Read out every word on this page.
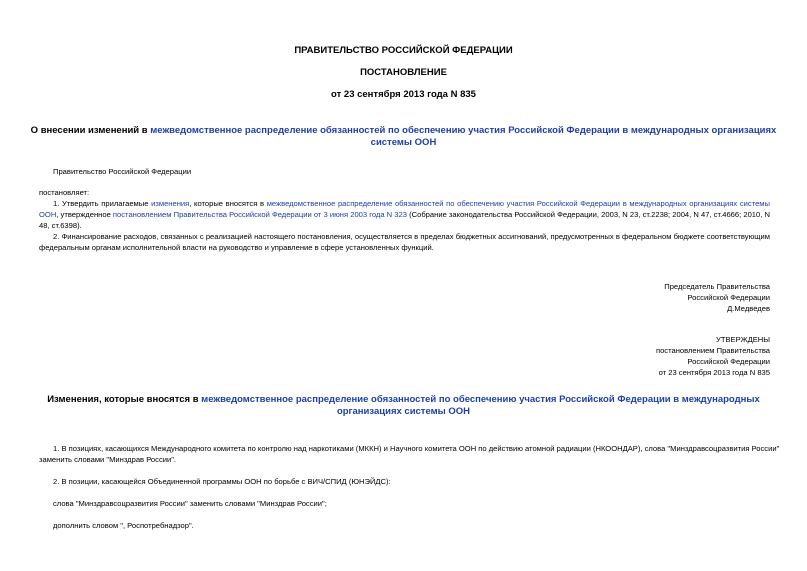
ПРАВИТЕЛЬСТВО РОССИЙСКОЙ ФЕДЕРАЦИИ
ПОСТАНОВЛЕНИЕ
от 23 сентября 2013 года N 835
О внесении изменений в межведомственное распределение обязанностей по обеспечению участия Российской Федерации в международных организациях системы ООН
Правительство Российской Федерации
постановляет:
1. Утвердить прилагаемые изменения, которые вносятся в межведомственное распределение обязанностей по обеспечению участия Российской Федерации в международных организациях системы ООН, утвержденное постановлением Правительства Российской Федерации от 3 июня 2003 года N 323 (Собрание законодательства Российской Федерации, 2003, N 23, ст.2238; 2004, N 47, ст.4666; 2010, N 48, ст.6398).
2. Финансирование расходов, связанных с реализацией настоящего постановления, осуществляется в пределах бюджетных ассигнований, предусмотренных в федеральном бюджете соответствующим федеральным органам исполнительной власти на руководство и управление в сфере установленных функций.
Председатель Правительства
Российской Федерации
Д.Медведев
УТВЕРЖДЕНЫ
постановлением Правительства
Российской Федерации
от 23 сентября 2013 года N 835
Изменения, которые вносятся в межведомственное распределение обязанностей по обеспечению участия Российской Федерации в международных организациях системы ООН
1. В позициях, касающихся Международного комитета по контролю над наркотиками (МККН) и Научного комитета ООН по действию атомной радиации (НКООНДАР), слова "Минздравсоцразвития России"
заменить словами "Минздрав России".
2. В позиции, касающейся Объединенной программы ООН по борьбе с ВИЧ/СПИД (ЮНЭЙДС):
слова "Минздравсоцразвития России" заменить словами "Минздрав России";
дополнить словом ", Роспотребнадзор".
